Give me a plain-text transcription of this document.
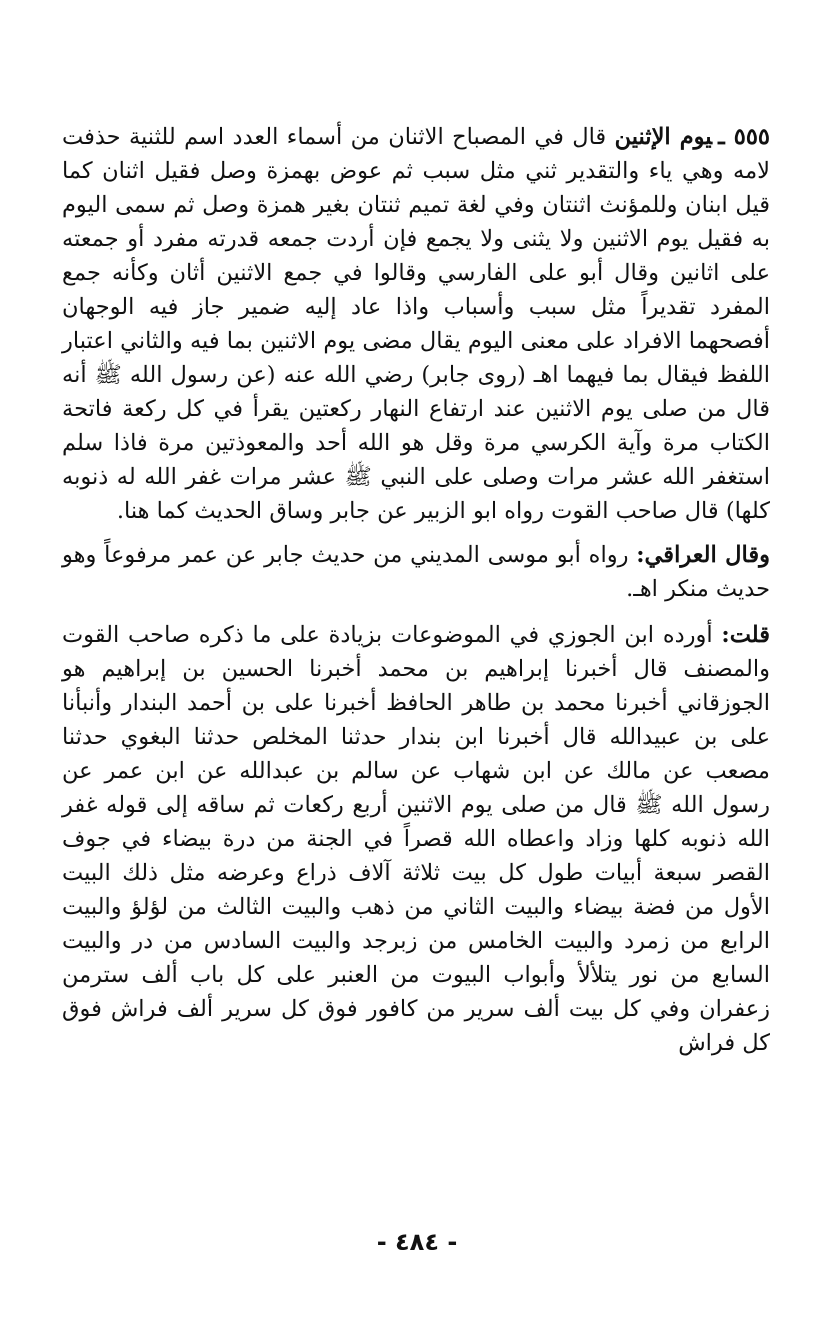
٥٥٥ ـيوم الإثنين قال في المصباح الاثنان من أسماء العدد اسم للثنية حذفت لامه وهي ياء والتقدير ثني مثل سبب ثم عوض بهمزة وصل فقيل اثنان كما قيل ابنان وللمؤنث اثنتان وفي لغة تميم ثنتان بغير همزة وصل ثم سمى اليوم به فقيل يوم الاثنين ولا يثنى ولا يجمع فإن أردت جمعه قدرته مفرد أو جمعته على اثانين وقال أبو على الفارسي وقالوا في جمع الاثنين أثان وكأنه جمع المفرد تقديراً مثل سبب وأسباب واذا عاد إليه ضمير جاز فيه الوجهان أفصحهما الافراد على معنى اليوم يقال مضى يوم الاثنين بما فيه والثاني اعتبار اللفظ فيقال بما فيهما اهـ (روى جابر) رضي الله عنه (عن رسول الله ﷺ أنه قال من صلى يوم الاثنين عند ارتفاع النهار ركعتين يقرأ في كل ركعة فاتحة الكتاب مرة وآية الكرسي مرة وقل هو الله أحد والمعوذتين مرة فاذا سلم استغفر الله عشر مرات وصلى على النبي ﷺ عشر مرات غفر الله له ذنوبه كلها) قال صاحب القوت رواه ابو الزبير عن جابر وساق الحديث كما هنا.

وقال العراقي: رواه أبو موسى المديني من حديث جابر عن عمر مرفوعاً وهو حديث منكر اهـ.

قلت: أورده ابن الجوزي في الموضوعات بزيادة على ما ذكره صاحب القوت والمصنف قال أخبرنا إبراهيم بن محمد أخبرنا الحسين بن إبراهيم هو الجوزقاني أخبرنا محمد بن طاهر الحافظ أخبرنا على بن أحمد البندار وأنبأنا على بن عبيدالله قال أخبرنا ابن بندار حدثنا المخلص حدثنا البغوي حدثنا مصعب عن مالك عن ابن شهاب عن سالم بن عبدالله عن ابن عمر عن رسول الله ﷺ قال من صلى يوم الاثنين أربع ركعات ثم ساقه إلى قوله غفر الله ذنوبه كلها وزاد واعطاه الله قصراً في الجنة من درة بيضاء في جوف القصر سبعة أبيات طول كل بيت ثلاثة آلاف ذراع وعرضه مثل ذلك البيت الأول من فضة بيضاء والبيت الثاني من ذهب والبيت الثالث من لؤلؤ والبيت الرابع من زمرد والبيت الخامس من زبرجد والبيت السادس من در والبيت السابع من نور يتلألأ وأبواب البيوت من العنبر على كل باب ألف سترمن زعفران وفي كل بيت ألف سرير من كافور فوق كل سرير ألف فراش فوق كل فراش

- ٤٨٤ -
